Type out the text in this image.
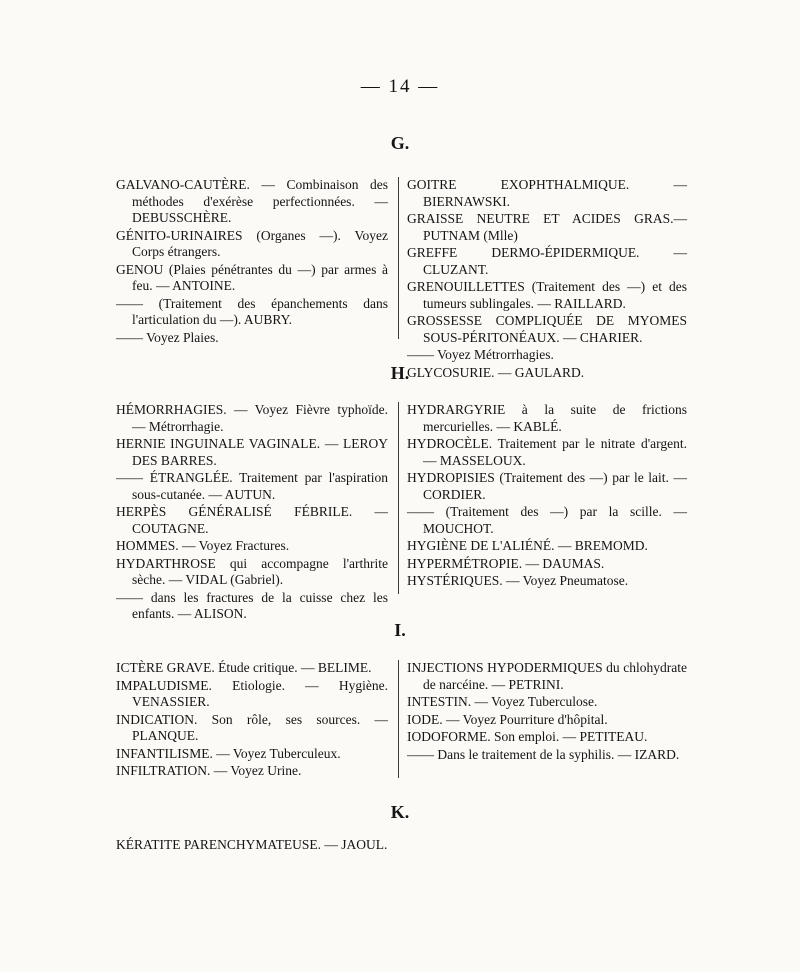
— 14 —
G.
GALVANO-CAUTÈRE. — Combinaison des méthodes d'exérèse perfectionnées. — DEBUSSCHÈRE.
GÉNITO-URINAIRES (Organes —). Voyez Corps étrangers.
GENOU (Plaies pénétrantes du —) par armes à feu. — ANTOINE.
—— (Traitement des épanchements dans l'articulation du —). AUBRY.
—— Voyez Plaies.
GOITRE EXOPHTHALMIQUE. — BIERNAWSKI.
GRAISSE NEUTRE ET ACIDES GRAS.— PUTNAM (Mlle)
GREFFE DERMO-ÉPIDERMIQUE. — CLUZANT.
GRENOUILLETTES (Traitement des —) et des tumeurs sublingales. — RAILLARD.
GROSSESSE COMPLIQUÉE DE MYOMES SOUS-PÉRITONÉAUX. — CHARIER.
—— Voyez Métrorrhagies.
GLYCOSURIE. — GAULARD.
H.
HÉMORRHAGIES. — Voyez Fièvre typhoïde. — Métrorrhagie.
HERNIE INGUINALE VAGINALE. — LEROY DES BARRES.
—— ÉTRANGLÉE. Traitement par l'aspiration sous-cutanée. — AUTUN.
HERPÈS GÉNÉRALISÉ FÉBRILE. — COUTAGNE.
HOMMES. — Voyez Fractures.
HYDARTHROSE qui accompagne l'arthrite sèche. — VIDAL (Gabriel).
—— dans les fractures de la cuisse chez les enfants. — ALISON.
HYDRARGYRIE à la suite de frictions mercurielles. — KABLÉ.
HYDROCÈLE. Traitement par le nitrate d'argent. — MASSELOUX.
HYDROPISIES (Traitement des —) par le lait. — CORDIER.
—— (Traitement des —) par la scille. — MOUCHOT.
HYGIÈNE DE L'ALIÉNÉ. — BREMOMD.
HYPERMÉTROPIE. — DAUMAS.
HYSTÉRIQUES. — Voyez Pneumatose.
I.
ICTÈRE GRAVE. Étude critique. — BELIME.
IMPALUDISME. Etiologie. — Hygiène. VENASSIER.
INDICATION. Son rôle, ses sources. — PLANQUE.
INFANTILISME. — Voyez Tuberculeux.
INFILTRATION. — Voyez Urine.
INJECTIONS HYPODERMIQUES du chlohydrate de narcéine. — PETRINI.
INTESTIN. — Voyez Tuberculose.
IODE. — Voyez Pourriture d'hôpital.
IODOFORME. Son emploi. — PETITEAU.
—— Dans le traitement de la syphilis. — IZARD.
K.
KÉRATITE PARENCHYMATEUSE. — JAOUL.
